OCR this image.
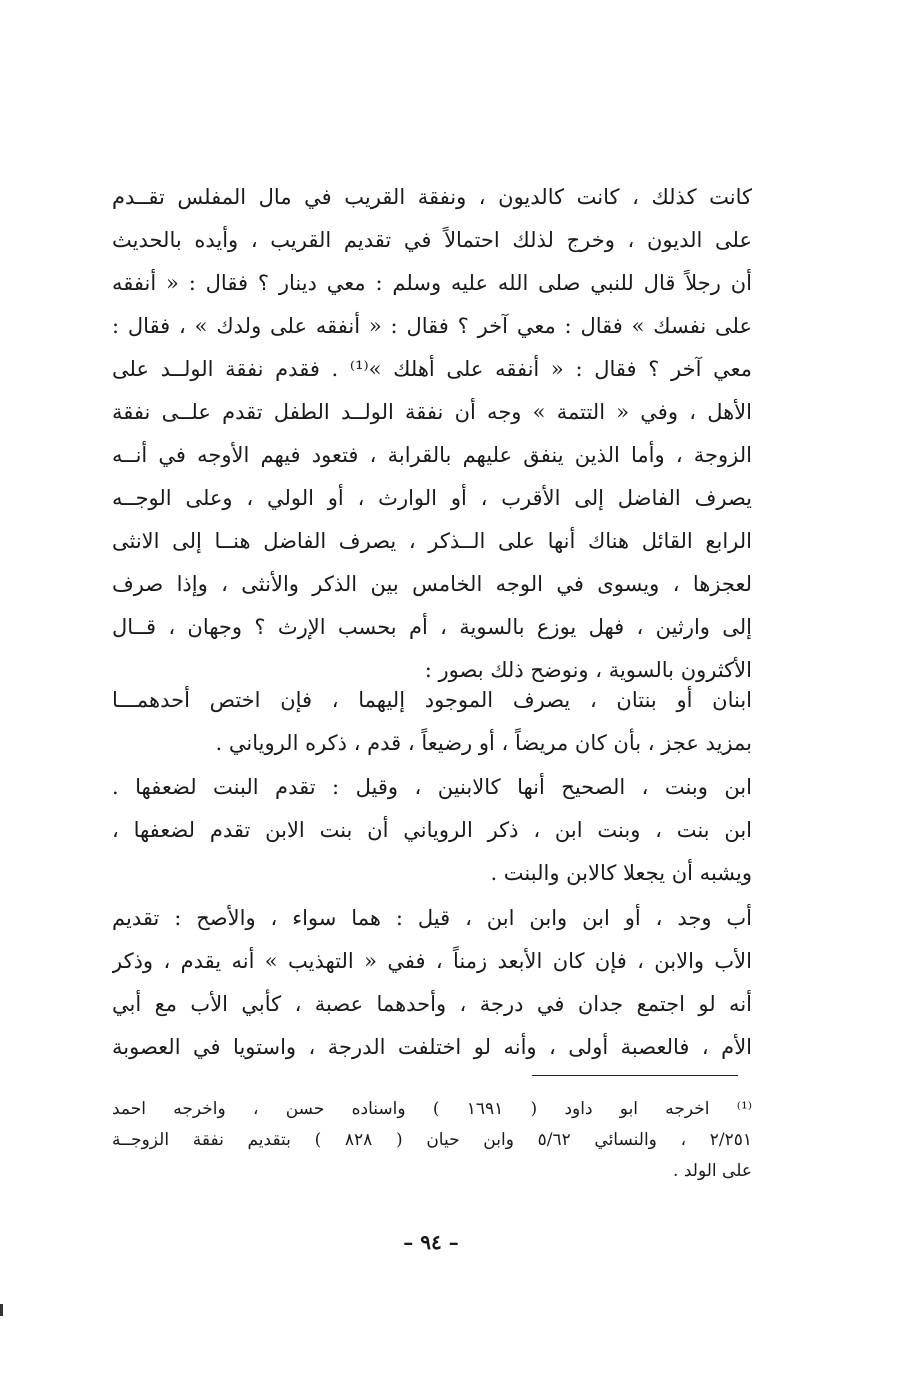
كانت كذلك ، كانت كالديون ، ونفقة القريب في مال المفلس تقــدم
على الديون ، وخرج لذلك احتمالاً في تقديم القريب ، وأيده بالحديث
أن رجلاً قال للنبي صلى الله عليه وسلم : معي دينار ؟ فقال : « أنفقه
على نفسك » فقال : معي آخر ؟ فقال : « أنفقه على ولدك » ، فقال :
معي آخر ؟ فقال : « أنفقه على أهلك »⁽¹⁾ . فقدم نفقة الولــد على
الأهل ، وفي « التتمة » وجه أن نفقة الولــد الطفل تقدم علــى نفقة
الزوجة ، وأما الذين ينفق عليهم بالقرابة ، فتعود فيهم الأوجه في أنــه
يصرف الفاضل إلى الأقرب ، أو الوارث ، أو الولي ، وعلى الوجــه
الرابع القائل هناك أنها على الــذكر ، يصرف الفاضل هنــا إلى الانثى
لعجزها ، ويسوى في الوجه الخامس بين الذكر والأنثى ، وإذا صرف
إلى وارثين ، فهل يوزع بالسوية ، أم بحسب الإرث ؟ وجهان ، قــال
الأكثرون بالسوية ، ونوضح ذلك بصور :
ابنان أو بنتان ، يصرف الموجود إليهما ، فإن اختص أحدهمـــا
بمزيد عجز ، بأن كان مريضاً ، أو رضيعاً ، قدم ، ذكره الروياني .
ابن وبنت ، الصحيح أنها كالابنين ، وقيل : تقدم البنت لضعفها .
ابن بنت ، وبنت ابن ، ذكر الروياني أن بنت الابن تقدم لضعفها ،
ويشبه أن يجعلا كالابن والبنت .
أب وجد ، أو ابن وابن ابن ، قيل : هما سواء ، والأصح : تقديم
الأب والابن ، فإن كان الأبعد زمناً ، ففي « التهذيب » أنه يقدم ، وذكر
أنه لو اجتمع جدان في درجة ، وأحدهما عصبة ، كأبي الأب مع أبي
الأم ، فالعصبة أولى ، وأنه لو اختلفت الدرجة ، واستويا في العصوبة
⁽¹⁾ اخرجه ابو داود ( ١٦٩١ ) واسناده حسن ، واخرجه احمد
٢/٢٥١ ، والنسائي ٥/٦٢ وابن حيان ( ٨٢٨ ) بتقديم نفقة الزوجــة
على الولد .
– ٩٤ –
